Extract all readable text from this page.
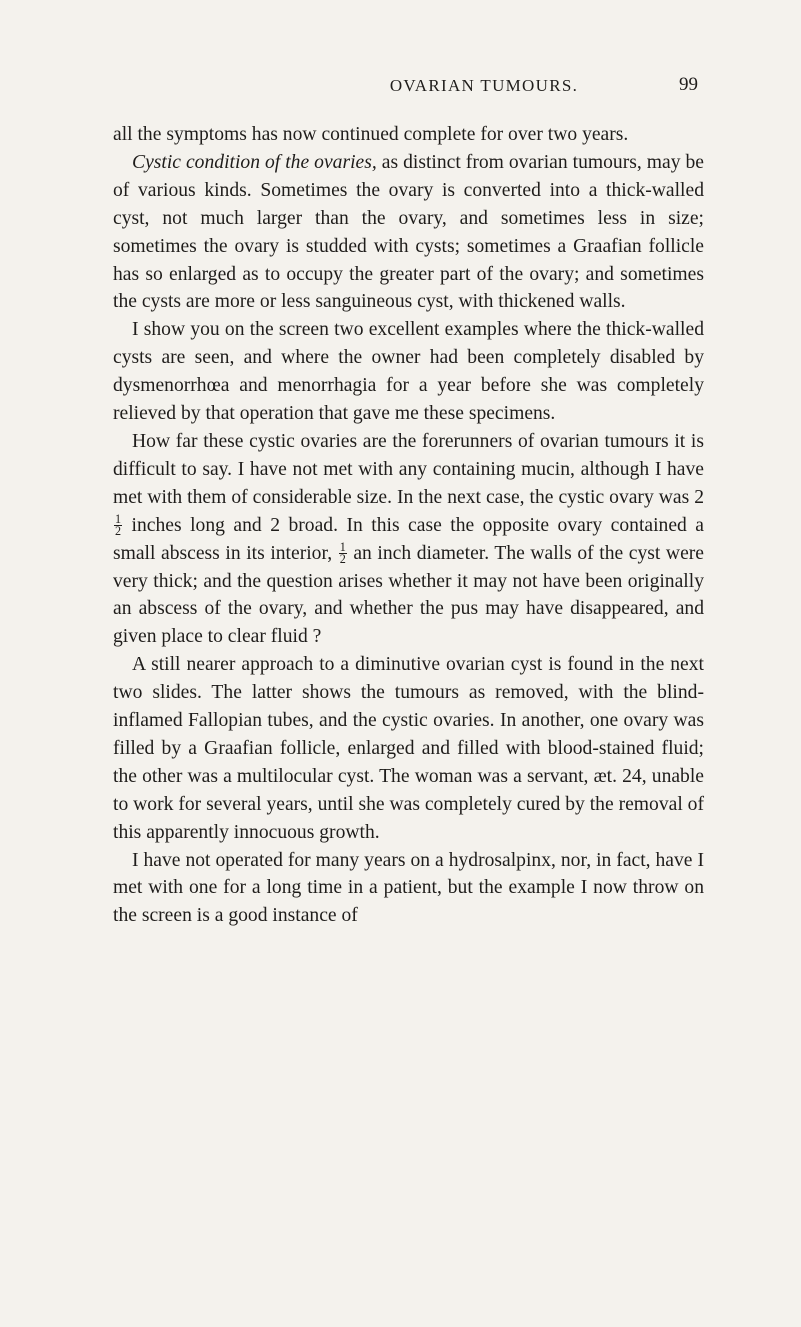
OVARIAN TUMOURS.	99

all the symptoms has now continued complete for over two years.

Cystic condition of the ovaries, as distinct from ovarian tumours, may be of various kinds. Sometimes the ovary is converted into a thick-walled cyst, not much larger than the ovary, and sometimes less in size; sometimes the ovary is studded with cysts; sometimes a Graafian follicle has so enlarged as to occupy the greater part of the ovary; and sometimes the cysts are more or less sanguineous cyst, with thickened walls.

I show you on the screen two excellent examples where the thick-walled cysts are seen, and where the owner had been completely disabled by dysmenorrhœa and menorrhagia for a year before she was completely relieved by that operation that gave me these specimens.

How far these cystic ovaries are the forerunners of ovarian tumours it is difficult to say. I have not met with any containing mucin, although I have met with them of considerable size. In the next case, the cystic ovary was 2
$\frac{1}{2}$ inches long and 2 broad. In this case the opposite ovary contained a small abscess in its interior, $\frac{1}{2}$ an inch diameter. The walls of the cyst were very thick; and the question arises whether it may not have been originally an abscess of the ovary, and whether the pus may have disappeared, and given place to clear fluid ?

A still nearer approach to a diminutive ovarian cyst is found in the next two slides. The latter shows the tumours as removed, with the blind-inflamed Fallopian tubes, and the cystic ovaries. In another, one ovary was filled by a Graafian follicle, enlarged and filled with blood-stained fluid; the other was a multilocular cyst. The woman was a servant, æt. 24, unable to work for several years, until she was completely cured by the removal of this apparently innocuous growth.

I have not operated for many years on a hydrosalpinx, nor, in fact, have I met with one for a long time in a patient, but the example I now throw on the screen is a good instance of
